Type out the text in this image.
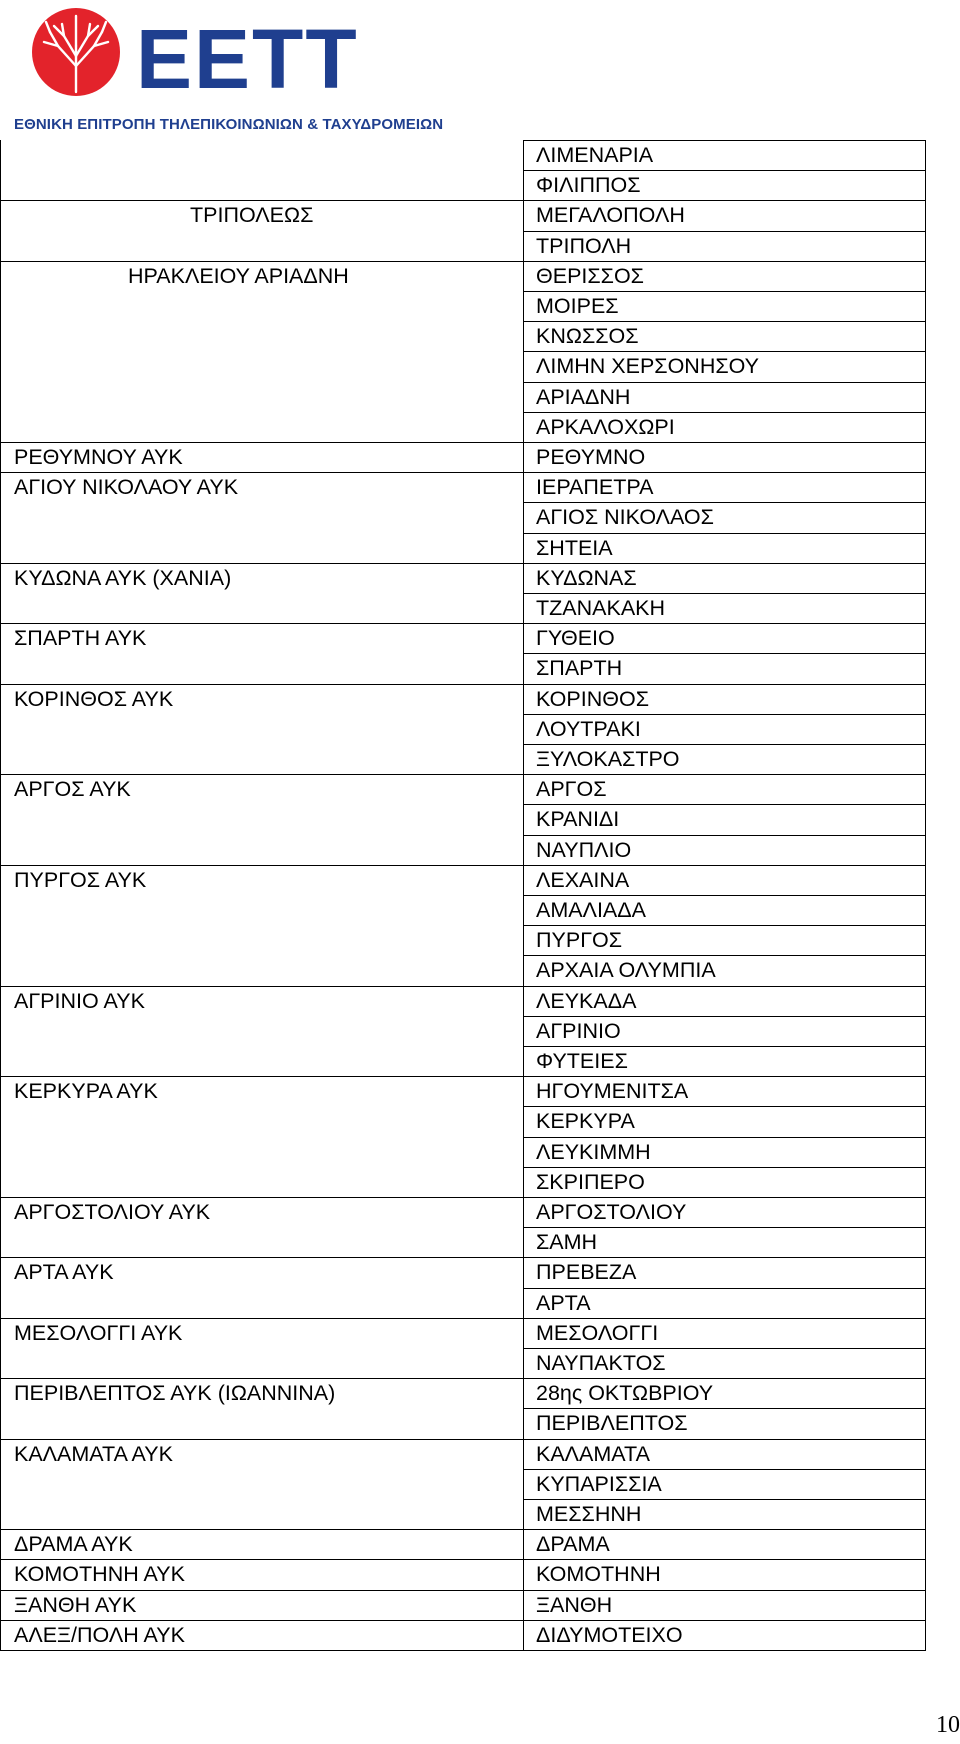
ΕΕΤΤ
ΕΘΝΙΚΗ ΕΠΙΤΡΟΠΗ ΤΗΛΕΠΙΚΟΙΝΩΝΙΩΝ & ΤΑΧΥΔΡΟΜΕΙΩΝ
ΛΙΜΕΝΑΡΙΑ
ΦΙΛΙΠΠΟΣ
ΤΡΙΠΟΛΕΩΣ	ΜΕΓΑΛΟΠΟΛΗ
ΤΡΙΠΟΛΗ
ΗΡΑΚΛΕΙΟΥ ΑΡΙΑΔΝΗ	ΘΕΡΙΣΣΟΣ
ΜΟΙΡΕΣ
ΚΝΩΣΣΟΣ
ΛΙΜΗΝ ΧΕΡΣΟΝΗΣΟΥ
ΑΡΙΑΔΝΗ
ΑΡΚΑΛΟΧΩΡΙ
ΡΕΘΥΜΝΟΥ ΑΥΚ	ΡΕΘΥΜΝΟ
ΑΓΙΟΥ ΝΙΚΟΛΑΟΥ ΑΥΚ	ΙΕΡΑΠΕΤΡΑ
ΑΓΙΟΣ ΝΙΚΟΛΑΟΣ
ΣΗΤΕΙΑ
ΚΥΔΩΝΑ ΑΥΚ (ΧΑΝΙΑ)	ΚΥΔΩΝΑΣ
ΤΖΑΝΑΚΑΚΗ
ΣΠΑΡΤΗ ΑΥΚ	ΓΥΘΕΙΟ
ΣΠΑΡΤΗ
ΚΟΡΙΝΘΟΣ ΑΥΚ	ΚΟΡΙΝΘΟΣ
ΛΟΥΤΡΑΚΙ
ΞΥΛΟΚΑΣΤΡΟ
ΑΡΓΟΣ ΑΥΚ	ΑΡΓΟΣ
ΚΡΑΝΙΔΙ
ΝΑΥΠΛΙΟ
ΠΥΡΓΟΣ ΑΥΚ	ΛΕΧΑΙΝΑ
ΑΜΑΛΙΑΔΑ
ΠΥΡΓΟΣ
ΑΡΧΑΙΑ ΟΛΥΜΠΙΑ
ΑΓΡΙΝΙΟ ΑΥΚ	ΛΕΥΚΑΔΑ
ΑΓΡΙΝΙΟ
ΦΥΤΕΙΕΣ
ΚΕΡΚΥΡΑ ΑΥΚ	ΗΓΟΥΜΕΝΙΤΣΑ
ΚΕΡΚΥΡΑ
ΛΕΥΚΙΜΜΗ
ΣΚΡΙΠΕΡΟ
ΑΡΓΟΣΤΟΛΙΟΥ ΑΥΚ	ΑΡΓΟΣΤΟΛΙΟΥ
ΣΑΜΗ
ΑΡΤΑ ΑΥΚ	ΠΡΕΒΕΖΑ
ΑΡΤΑ
ΜΕΣΟΛΟΓΓΙ ΑΥΚ	ΜΕΣΟΛΟΓΓΙ
ΝΑΥΠΑΚΤΟΣ
ΠΕΡΙΒΛΕΠΤΟΣ ΑΥΚ (ΙΩΑΝΝΙΝΑ)	28ης ΟΚΤΩΒΡΙΟΥ
ΠΕΡΙΒΛΕΠΤΟΣ
ΚΑΛΑΜΑΤΑ ΑΥΚ	ΚΑΛΑΜΑΤΑ
ΚΥΠΑΡΙΣΣΙΑ
ΜΕΣΣΗΝΗ
ΔΡΑΜΑ ΑΥΚ	ΔΡΑΜΑ
ΚΟΜΟΤΗΝΗ ΑΥΚ	ΚΟΜΟΤΗΝΗ
ΞΑΝΘΗ ΑΥΚ	ΞΑΝΘΗ
ΑΛΕΞ/ΠΟΛΗ ΑΥΚ	ΔΙΔΥΜΟΤΕΙΧΟ
10
